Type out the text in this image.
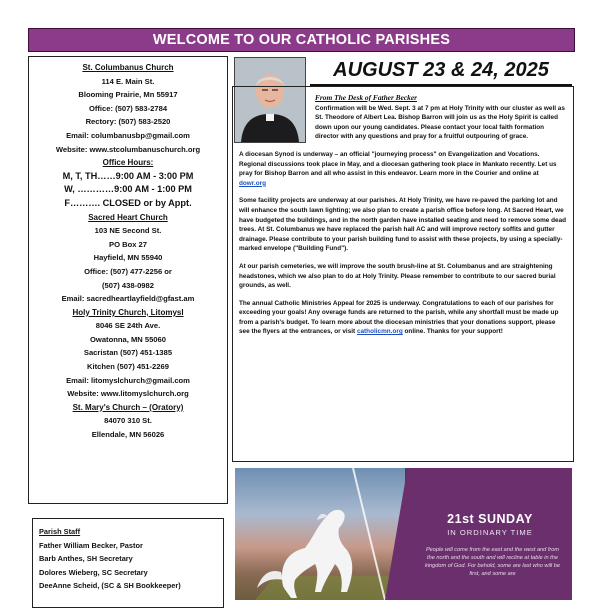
WELCOME TO OUR CATHOLIC PARISHES
St. Columbanus Church
114 E. Main St.
Blooming Prairie, Mn 55917
Office: (507) 583-2784
Rectory: (507) 583-2520
Email: columbanusbp@gmail.com
Website: www.stcolumbanuschurch.org
Office Hours:
M, T, TH……9:00 AM - 3:00 PM
W, …………9:00 AM - 1:00 PM
F………. CLOSED or by Appt.
Sacred Heart Church
103 NE Second St.
PO Box 27
Hayfield, MN 55940
Office: (507) 477-2256 or
(507) 438-0982
Email: sacredheartlayfield@gfast.am
Holy Trinity Church, Litomysl
8046 SE 24th Ave.
Owatonna, MN 55060
Sacristan (507) 451-1385
Kitchen (507) 451-2269
Email: litomyslchurch@gmail.com
Website: www.litomyslchurch.org
St. Mary's Church – (Oratory)
84070 310 St.
Ellendale, MN 56026
Parish Staff
Father William Becker, Pastor
Barb Anthes, SH Secretary
Dolores Wieberg, SC Secretary
DeeAnne Scheid, (SC & SH Bookkeeper)
AUGUST 23 & 24, 2025

From The Desk of Father Becker
Confirmation will be Wed. Sept. 3 at 7 pm at Holy Trinity with our cluster as well as St. Theodore of Albert Lea. Bishop Barron will join us as the Holy Spirit is called down upon our young candidates. Please contact your local faith formation director with any questions and pray for a fruitful outpouring of grace.

A diocesan Synod is underway – an official "journeying process" on Evangelization and Vocations. Regional discussions took place in May, and a diocesan gathering took place in Mankato recently. Let us pray for Bishop Barron and all who assist in this endeavor. Learn more in the Courier and online at dowr.org

Some facility projects are underway at our parishes. At Holy Trinity, we have re-paved the parking lot and will enhance the south lawn lighting; we also plan to create a parish office before long. At Sacred Heart, we have budgeted the buildings, and in the north garden have installed seating and need to remove some dead trees. At St. Columbanus we have replaced the parish hall AC and will improve rectory soffits and gutter drainage. Please contribute to your parish building fund to assist with these projects, by using a specially-marked envelope ("Building Fund").

At our parish cemeteries, we will improve the south brush-line at St. Columbanus and are straightening headstones, which we also plan to do at Holy Trinity. Please remember to contribute to our sacred burial grounds, as well.

The annual Catholic Ministries Appeal for 2025 is underway. Congratulations to each of our parishes for exceeding your goals! Any overage funds are returned to the parish, while any shortfall must be made up from a parish's budget. To learn more about the diocesan ministries that your donations support, please see the flyers at the entrances, or visit catholicmn.org online. Thanks for your support!

21st SUNDAY
IN ORDINARY TIME
People will come from the east and the west and from the north and the south and will recline at table in the kingdom of God. For behold, some are last who will be first, and some are
